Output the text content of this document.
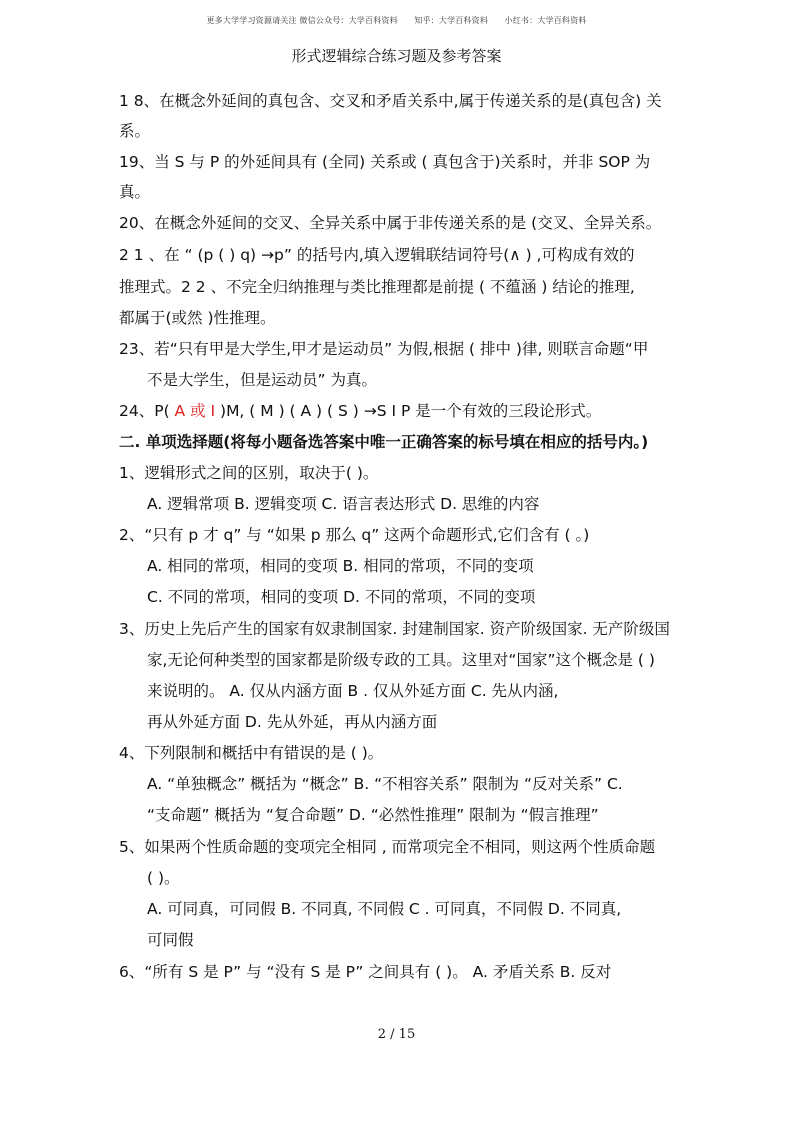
更多大学学习资源请关注 微信公众号：大学百科资料      知乎：大学百科资料      小红书：大学百科资料
形式逻辑综合练习题及参考答案
1 8、在概念外延间的真包含、交叉和矛盾关系中,属于传递关系的是(真包含) 关
系。
19、当 S 与 P 的外延间具有 (全同) 关系或 ( 真包含于)关系时，并非 SOP 为
真。
20、在概念外延间的交叉、全异关系中属于非传递关系的是 (交叉、全异关系。
2 1 、在 “ (p ( ) q) →p” 的括号内,填入逻辑联结词符号(∧ ) ,可构成有效的
推理式。2 2 、不完全归纳推理与类比推理都是前提 ( 不蕴涵 ) 结论的推理,
都属于(或然 )性推理。
23、若“只有甲是大学生,甲才是运动员” 为假,根据 ( 排中 )律, 则联言命题“甲
不是大学生，但是运动员” 为真。
24、P( A 或 I )M, ( M ) ( A ) ( S ) →S I P 是一个有效的三段论形式。
二. 单项选择题(将每小题备选答案中唯一正确答案的标号填在相应的括号内。)
1、逻辑形式之间的区别，取决于( )。
A. 逻辑常项 B. 逻辑变项 C. 语言表达形式 D. 思维的内容
2、“只有 p 才 q” 与 “如果 p 那么 q” 这两个命题形式,它们含有 ( 。)
A. 相同的常项，相同的变项 B. 相同的常项，不同的变项
C. 不同的常项，相同的变项 D. 不同的常项，不同的变项
3、历史上先后产生的国家有奴隶制国家. 封建制国家. 资产阶级国家. 无产阶级国
家,无论何种类型的国家都是阶级专政的工具。这里对“国家”这个概念是 ( )
来说明的。 A. 仅从内涵方面 B . 仅从外延方面 C. 先从内涵,
再从外延方面 D. 先从外延，再从内涵方面
4、下列限制和概括中有错误的是 ( )。
A. “单独概念” 概括为 “概念” B. “不相容关系” 限制为 “反对关系” C.
“支命题” 概括为 “复合命题” D. “必然性推理” 限制为 “假言推理”
5、如果两个性质命题的变项完全相同 , 而常项完全不相同，则这两个性质命题
( )。
A. 可同真，可同假 B. 不同真, 不同假 C . 可同真，不同假 D. 不同真,
可同假
6、“所有 S 是 P” 与 “没有 S 是 P” 之间具有 ( )。 A. 矛盾关系 B. 反对
2 / 15
